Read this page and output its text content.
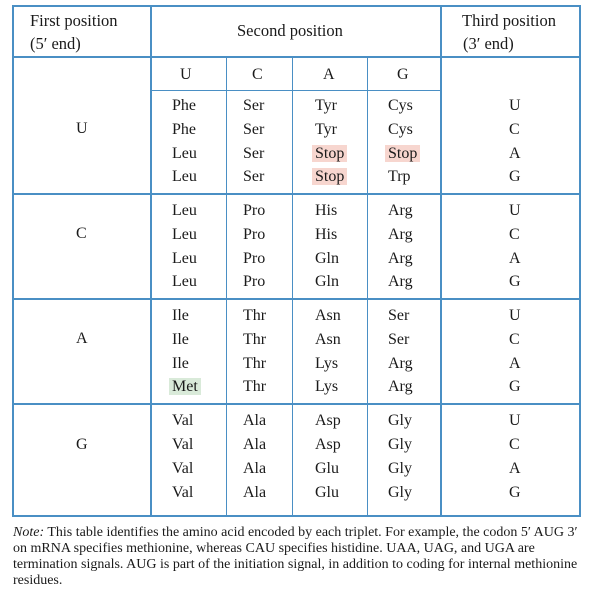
First position
(5′ end)
Second position
Third position
(3′ end)
U	C	A	G
U
Phe	Ser	Tyr	Cys	U
Phe	Ser	Tyr	Cys	C
Leu	Ser	Stop	Stop	A
Leu	Ser	Stop	Trp	G
C
Leu	Pro	His	Arg	U
Leu	Pro	His	Arg	C
Leu	Pro	Gln	Arg	A
Leu	Pro	Gln	Arg	G
A
Ile	Thr	Asn	Ser	U
Ile	Thr	Asn	Ser	C
Ile	Thr	Lys	Arg	A
Met	Thr	Lys	Arg	G
G
Val	Ala	Asp	Gly	U
Val	Ala	Asp	Gly	C
Val	Ala	Glu	Gly	A
Val	Ala	Glu	Gly	G
Note: This table identifies the amino acid encoded by each triplet. For example, the codon 5′ AUG 3′ on mRNA specifies methionine, whereas CAU specifies histidine. UAA, UAG, and UGA are termination signals. AUG is part of the initiation signal, in addition to coding for internal methionine residues.
